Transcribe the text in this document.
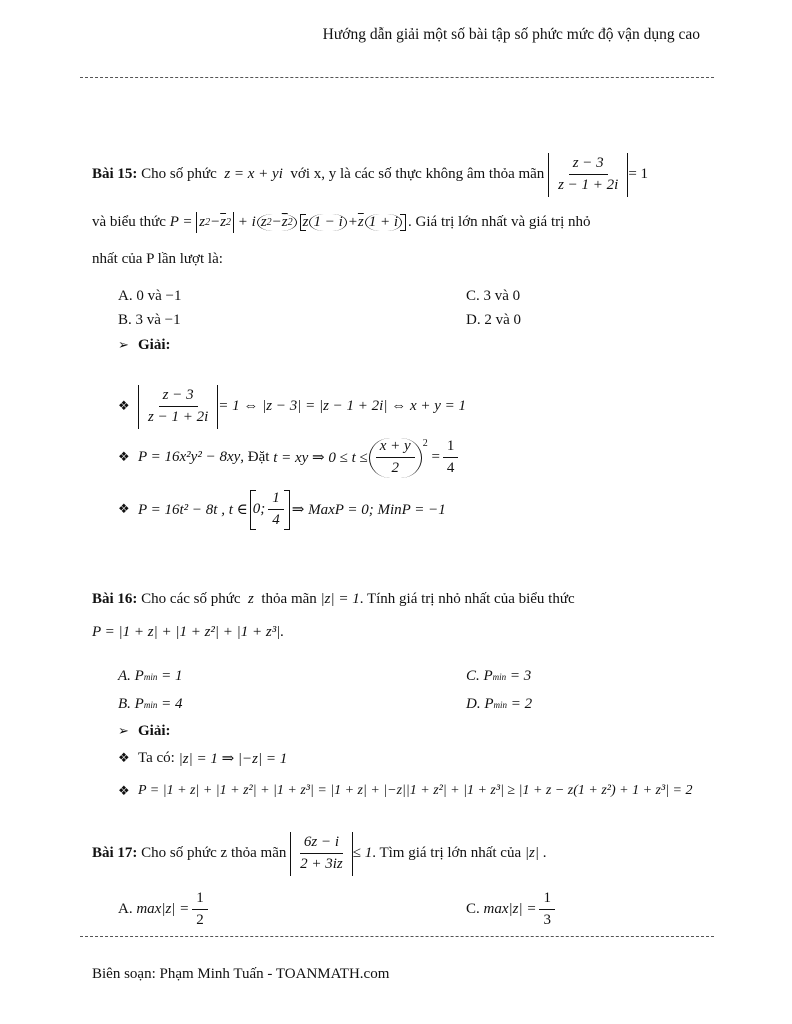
Hướng dẫn giải một số bài tập số phức mức độ vận dụng cao
Bài 15:
Cho số phức
z = x + yi
với x, y là các số thực không âm thỏa mãn
$\frac{z - 3}{z - 1 + 2i} = 1$
và biểu thức
P = z $2 - \overline{z}$ 2 + i z $2 - \overline{z}$ 2 z $1 - i + \overline{z}$ 1 + i . Giá trị lớn nhất và giá trị nhỏ
nhất của P lần lượt là:
A. 0 và −1
B. 3 và −1
C. 3 và 0
D. 2 và 0
➢ Giải:
❖ $\frac{z - 3}{z - 1 + 2i} = 1$ ⇔ |z − 3| = |z − 1 + 2i| ⇔ x + y = 1
❖ P = 16x²y² − 8xy , Đặt
t = xy ⇒ $0 \le t \le \frac{x + y}{2} ^2$

= $\frac{1}{4}$
❖ P = 16t² − 8t , t ∈ 0; $\frac{1}{4}$ ⇒ MaxP = 0; MinP = −1
Bài 16:
Cho các số phức
z
thỏa mãn
|z| = 1 . Tính giá trị nhỏ nhất của biểu thức
P = |1 + z| + |1 + z²| + |1 + z³|.
A. P min
= 1
B. P min
= 4
C. P min
= 3
D. P min
= 2
➢ Giải:
❖ Ta có:
|z| = 1 ⇒ |−z| = 1
❖ P = |1 + z| + |1 + z²| + |1 + z³| = |1 + z| + |−z||1 + z²| + |1 + z³| ≥ |1 + z − z(1 + z²) + 1 + z³| = 2
Bài 17:
Cho số phức z thỏa mãn
$\frac{6z - i}{2 + 3iz} \le 1$ . Tìm giá trị lớn nhất của
|z|
.
A.
$\max|z| = \frac{1}{2}$	C.
$\max|z| = \frac{1}{3}$
Biên soạn: Phạm Minh Tuấn - TOANMATH.com
